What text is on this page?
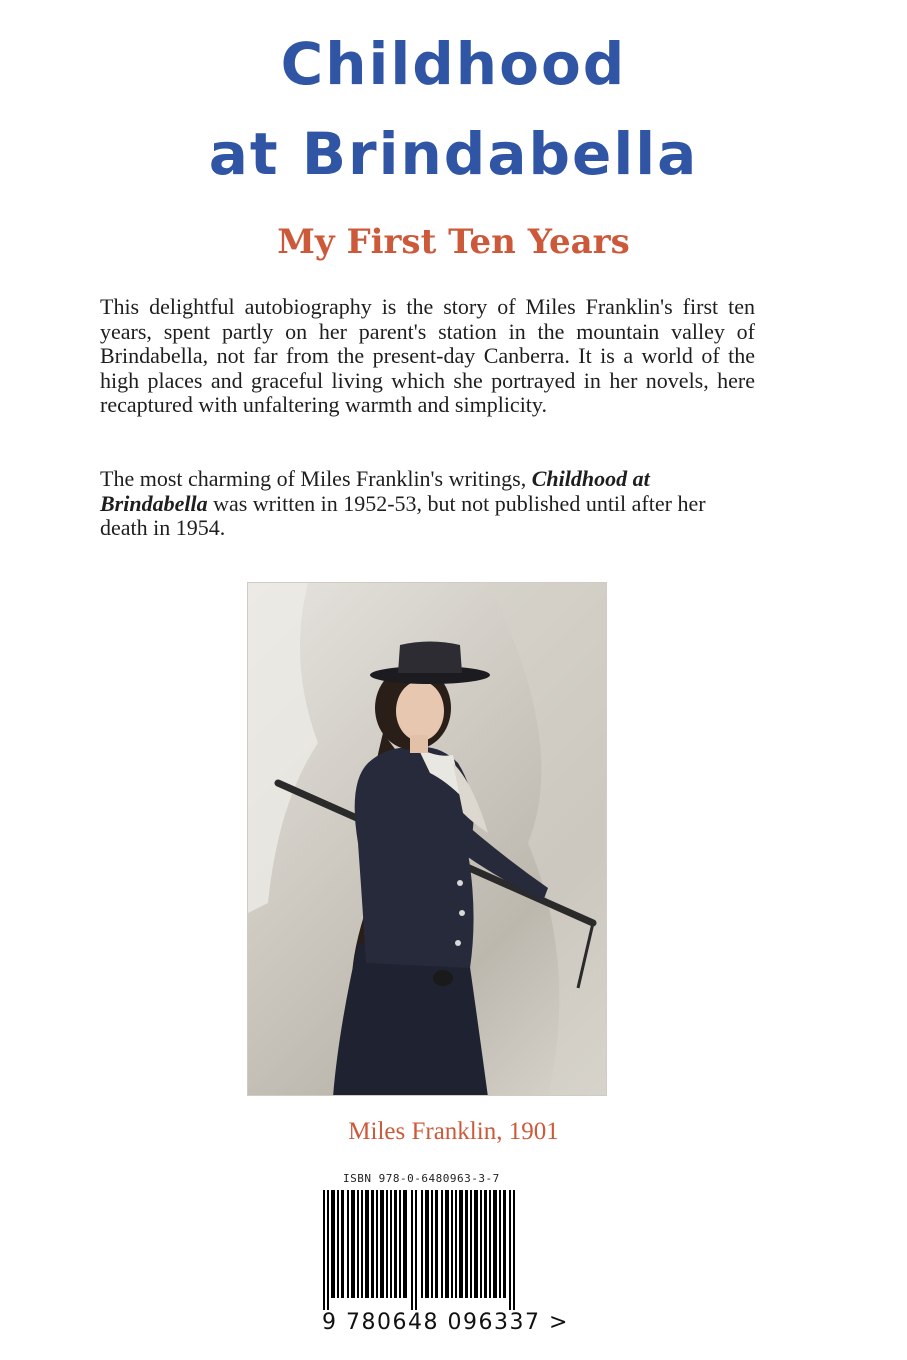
Childhood
at Brindabella
My First Ten Years

This delightful autobiography is the story of Miles Franklin's first ten years, spent partly on her parent's station in the mountain valley of Brindabella, not far from the present-day Canberra. It is a world of the high places and graceful living which she portrayed in her novels, here recaptured with unfaltering warmth and simplicity.

The most charming of Miles Franklin's writings, Childhood at Brindabella was written in 1952-53, but not published until after her death in 1954.

Miles Franklin, 1901

ISBN 978-0-6480963-3-7

9 780648 096337 >
